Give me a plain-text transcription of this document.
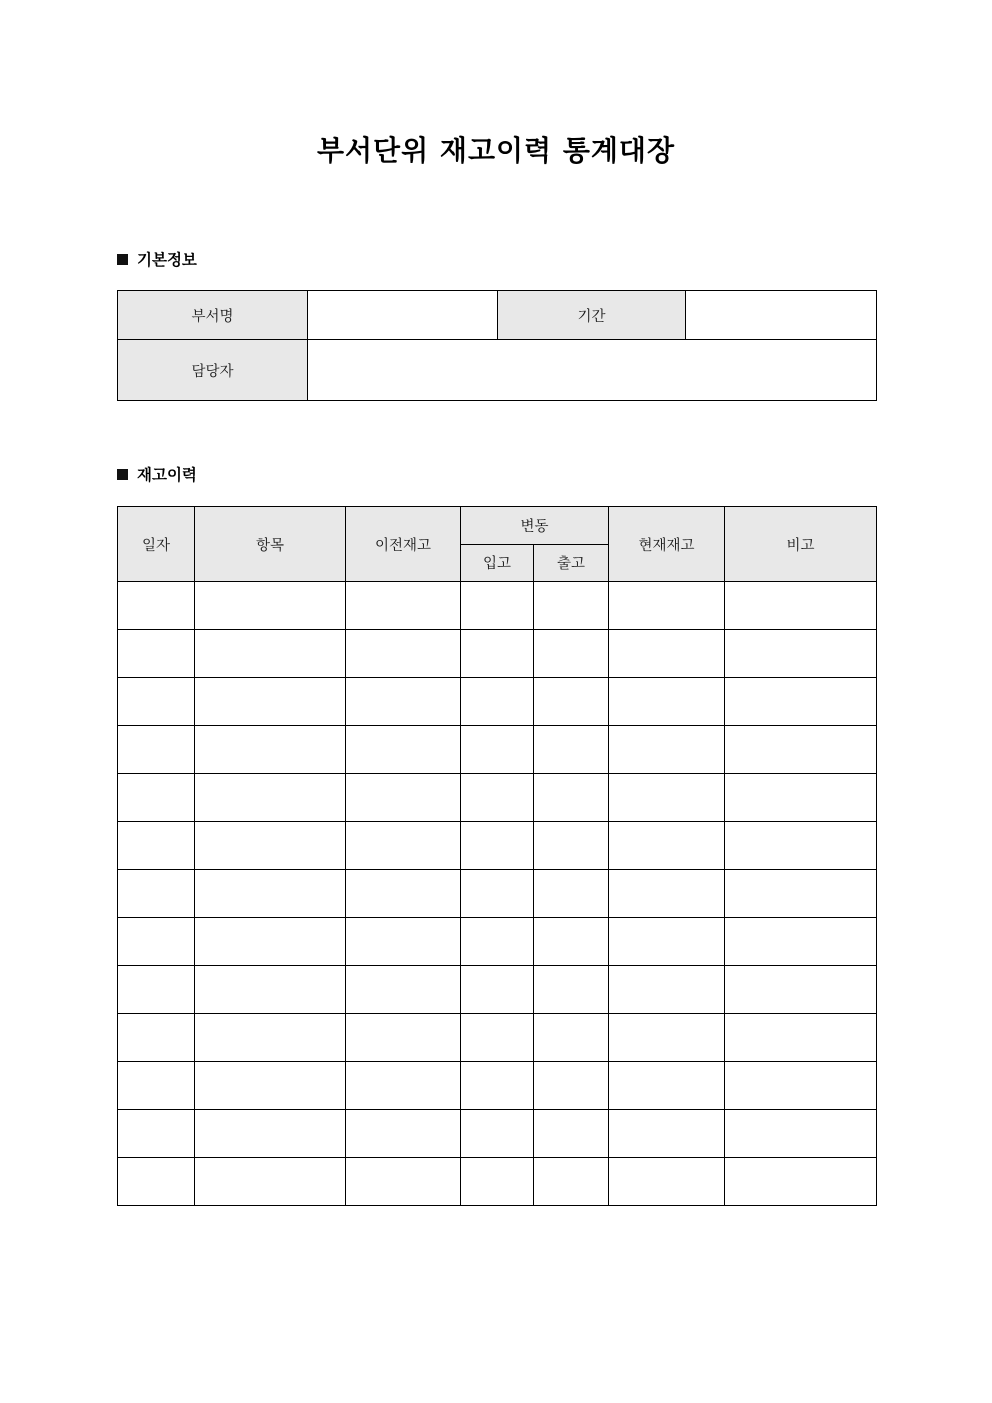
부서단위 재고이력 통계대장
기본정보
부서명		기간	
담당자			
재고이력
일자	항목	이전재고	변동		현재재고	비고
			입고	출고		
